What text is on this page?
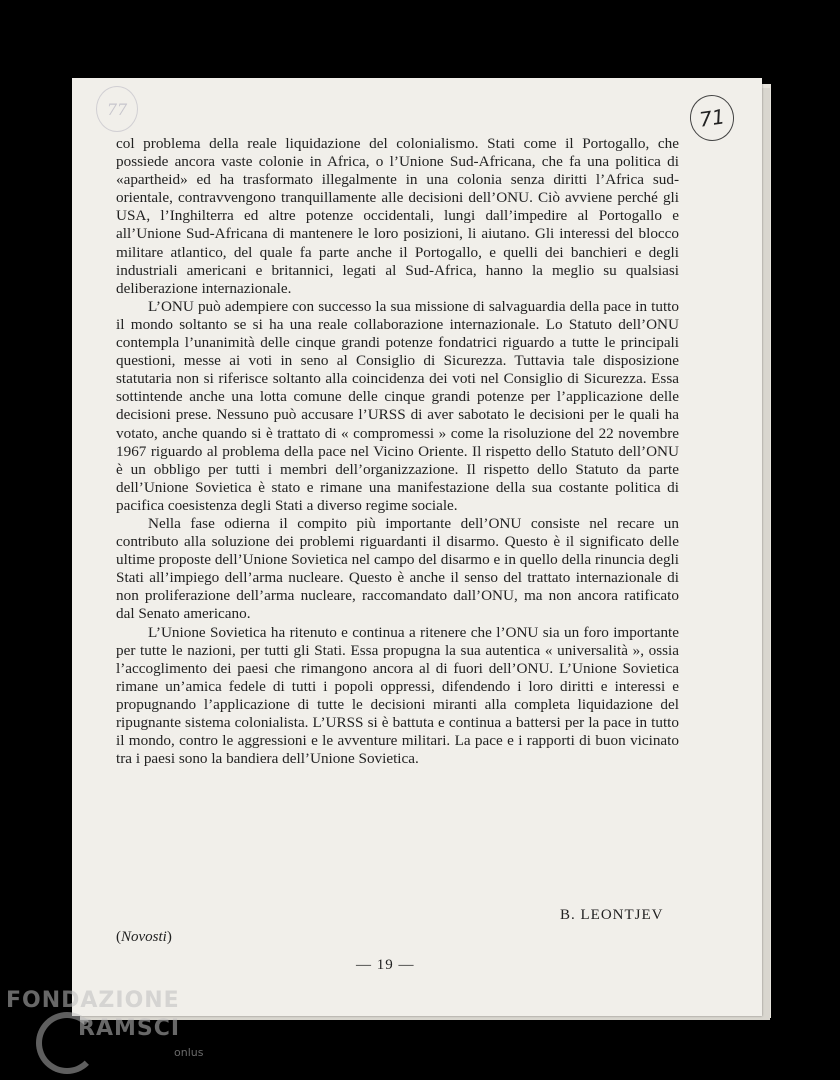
77	71

col problema della reale liquidazione del colonialismo. Stati come il Portogallo, che possiede ancora vaste colonie in Africa, o l’Unione Sud-Africana, che fa una politica di «apartheid» ed ha trasformato illegalmente in una colonia senza diritti l’Africa sud-orientale, contravvengono tranquillamente alle decisioni dell’ONU. Ciò avviene perché gli USA, l’Inghilterra ed altre potenze occidentali, lungi dall’impedire al Portogallo e all’Unione Sud-Africana di mantenere le loro posizioni, li aiutano. Gli interessi del blocco militare atlantico, del quale fa parte anche il Portogallo, e quelli dei banchieri e degli industriali americani e britannici, legati al Sud-Africa, hanno la meglio su qualsiasi deliberazione internazionale.

L’ONU può adempiere con successo la sua missione di salvaguardia della pace in tutto il mondo soltanto se si ha una reale collaborazione internazionale. Lo Statuto dell’ONU contempla l’unanimità delle cinque grandi potenze fondatrici riguardo a tutte le principali questioni, messe ai voti in seno al Consiglio di Sicurezza. Tuttavia tale disposizione statutaria non si riferisce soltanto alla coincidenza dei voti nel Consiglio di Sicurezza. Essa sottintende anche una lotta comune delle cinque grandi potenze per l’applicazione delle decisioni prese. Nessuno può accusare l’URSS di aver sabotato le decisioni per le quali ha votato, anche quando si è trattato di « compromessi » come la risoluzione del 22 novembre 1967 riguardo al problema della pace nel Vicino Oriente. Il rispetto dello Statuto dell’ONU è un obbligo per tutti i membri dell’organizzazione. Il rispetto dello Statuto da parte dell’Unione Sovietica è stato e rimane una manifestazione della sua costante politica di pacifica coesistenza degli Stati a diverso regime sociale.

Nella fase odierna il compito più importante dell’ONU consiste nel recare un contributo alla soluzione dei problemi riguardanti il disarmo. Questo è il significato delle ultime proposte dell’Unione Sovietica nel campo del disarmo e in quello della rinuncia degli Stati all’impiego dell’arma nucleare. Questo è anche il senso del trattato internazionale di non proliferazione dell’arma nucleare, raccomandato dall’ONU, ma non ancora ratificato dal Senato americano.

L’Unione Sovietica ha ritenuto e continua a ritenere che l’ONU sia un foro importante per tutte le nazioni, per tutti gli Stati. Essa propugna la sua autentica « universalità », ossia l’accoglimento dei paesi che rimangono ancora al di fuori dell’ONU. L’Unione Sovietica rimane un’amica fedele di tutti i popoli oppressi, difendendo i loro diritti e interessi e propugnando l’applicazione di tutte le decisioni miranti alla completa liquidazione del ripugnante sistema colonialista. L’URSS si è battuta e continua a battersi per la pace in tutto il mondo, contro le aggressioni e le avventure militari. La pace e i rapporti di buon vicinato tra i paesi sono la bandiera dell’Unione Sovietica.

B. LEONTJEV
(Novosti)
— 19 —
FONDAZIONE
RAMSCI
onlus
